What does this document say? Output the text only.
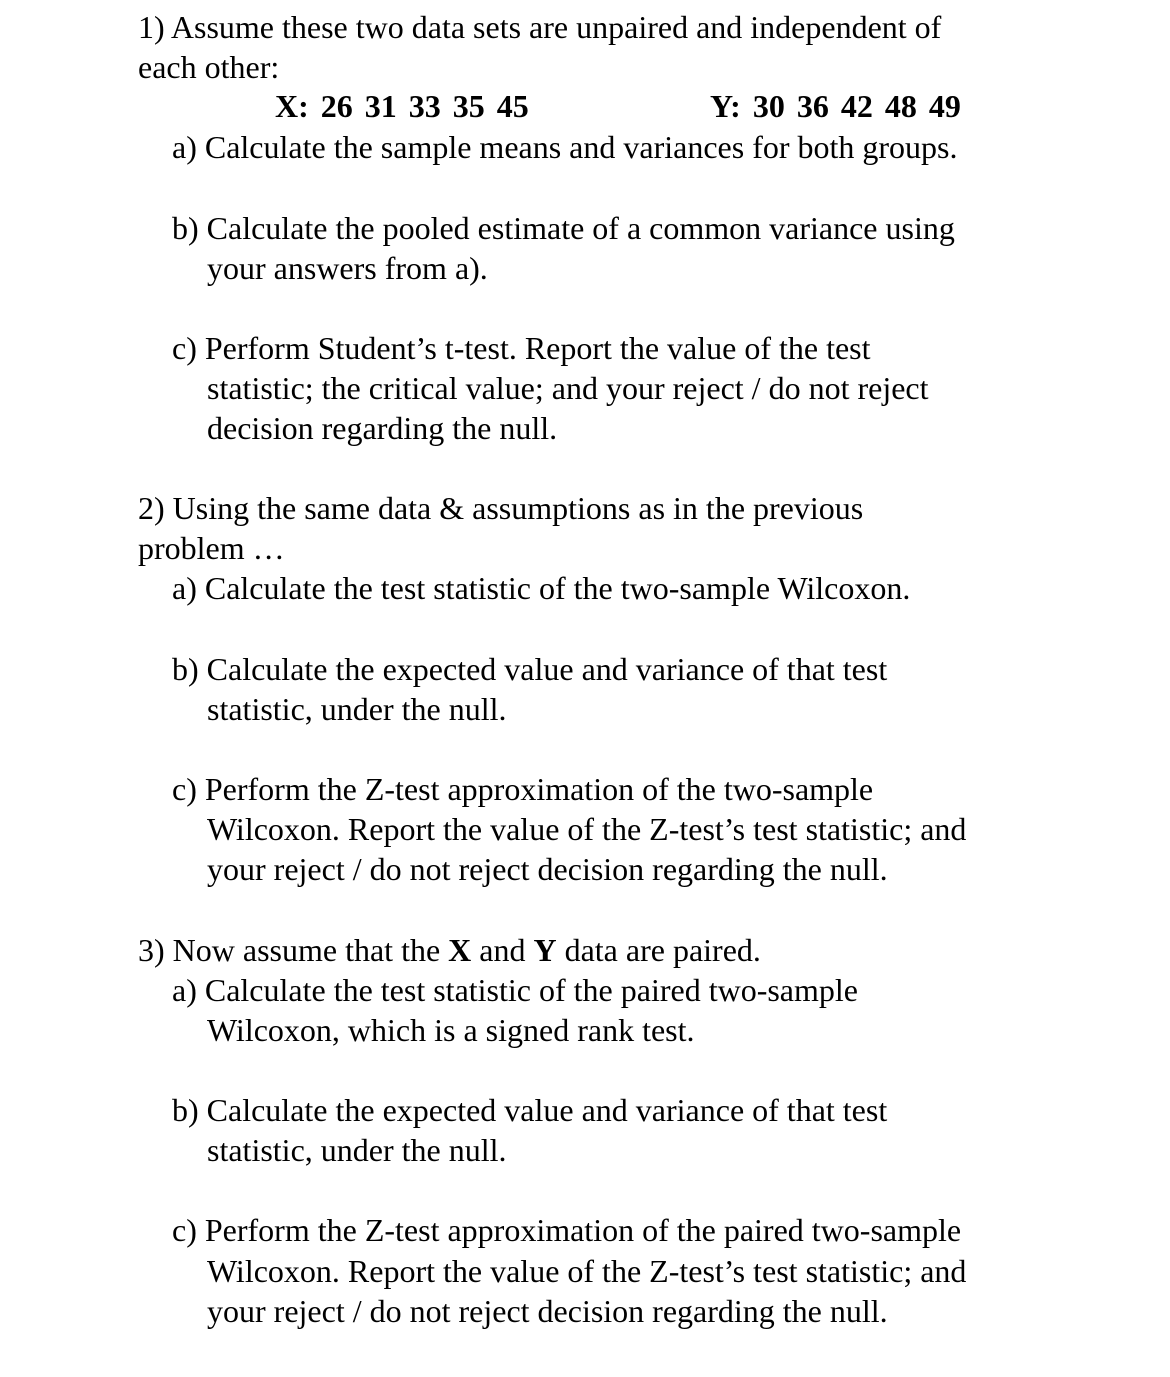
1) Assume these two data sets are unpaired and independent of
each other:
X: 26 31 33 35 45	Y: 30 36 42 48 49
a) Calculate the sample means and variances for both groups.
b) Calculate the pooled estimate of a common variance using
your answers from a).
c) Perform Student’s t-test. Report the value of the test
statistic; the critical value; and your reject / do not reject
decision regarding the null.
2) Using the same data & assumptions as in the previous
problem …
a) Calculate the test statistic of the two-sample Wilcoxon.
b) Calculate the expected value and variance of that test
statistic, under the null.
c) Perform the Z-test approximation of the two-sample
Wilcoxon. Report the value of the Z-test’s test statistic; and
your reject / do not reject decision regarding the null.
3) Now assume that the X and Y data are paired.
a) Calculate the test statistic of the paired two-sample
Wilcoxon, which is a signed rank test.
b) Calculate the expected value and variance of that test
statistic, under the null.
c) Perform the Z-test approximation of the paired two-sample
Wilcoxon. Report the value of the Z-test’s test statistic; and
your reject / do not reject decision regarding the null.
